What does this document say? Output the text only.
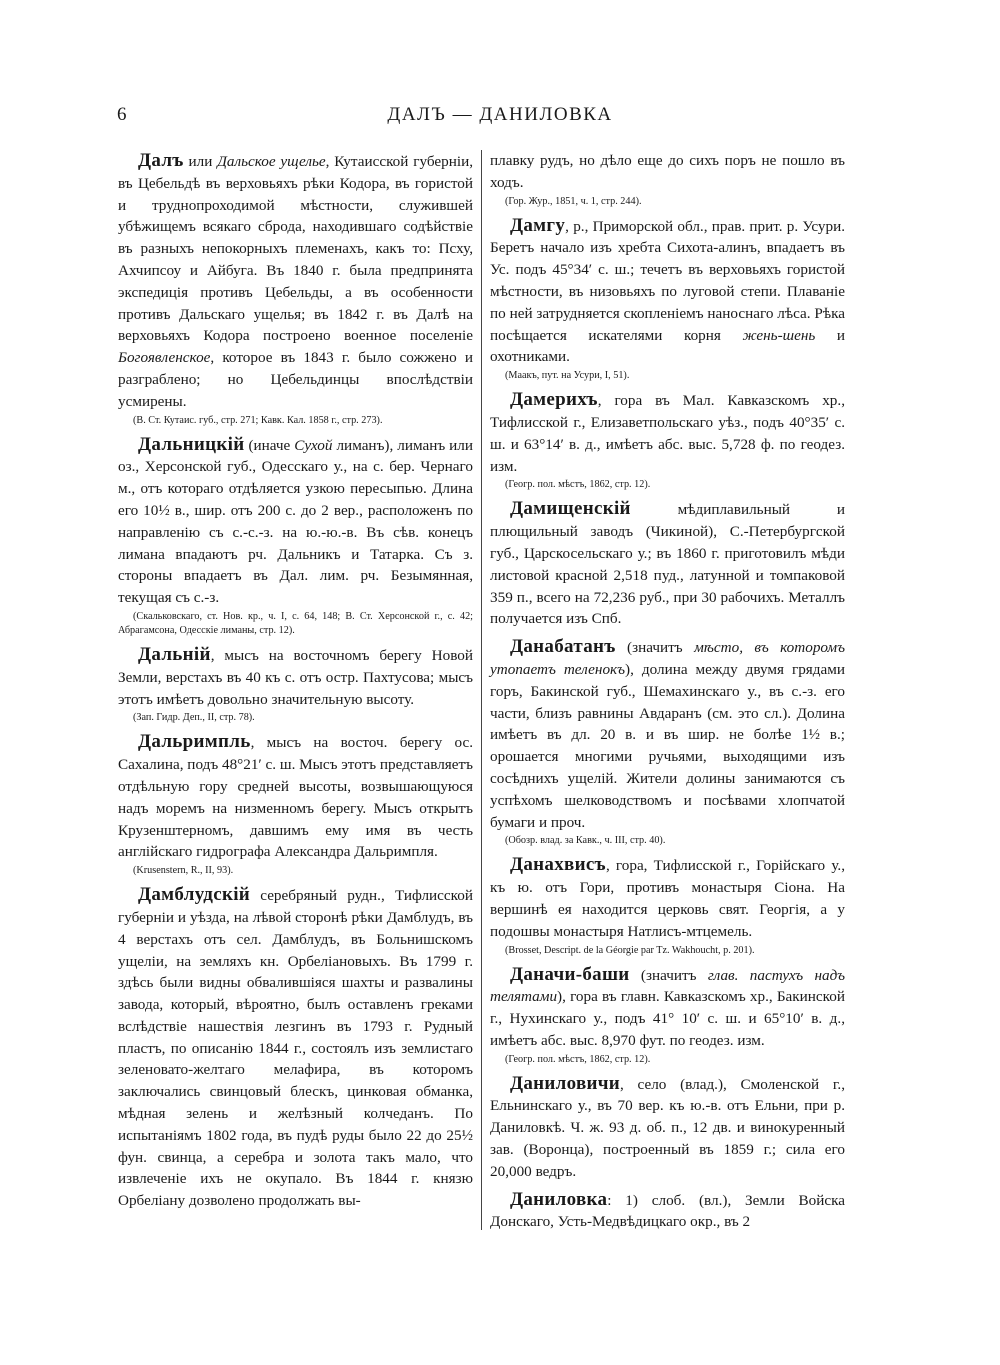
6	ДАЛЪ — ДАНИЛОВКА

Далъ или Дальское ущелье, Кутаисской губерніи, въ Цебельдѣ въ верховьяхъ рѣки Кодора, въ гористой и труднопроходимой мѣстности, служившей убѣжищемъ всякаго сброда, находившаго содѣйствіе въ разныхъ непокорныхъ племенахъ, какъ то: Псху, Ахчипсоу и Айбуга. Въ 1840 г. была предпринята экспедиція противъ Цебельды, а въ особенности противъ Дальскаго ущелья; въ 1842 г. въ Далѣ на верховьяхъ Кодора построено военное поселеніе Богоявленское, которое въ 1843 г. было сожжено и разграблено; но Цебельдинцы впослѣдствіи усмирены.
(В. Ст. Кутаис. губ., стр. 271; Кавк. Кал. 1858 г., стр. 273).

Дальницкій (иначе Сухой лиманъ), лиманъ или оз., Херсонской губ., Одесскаго у., на с. бер. Чернаго м., отъ котораго отдѣляется узкою пересыпью. Длина его 10½ в., шир. отъ 200 с. до 2 вер., расположенъ по направленію съ с.-с.-з. на ю.-ю.-в. Въ сѣв. конецъ лимана впадаютъ рч. Дальникъ и Татарка. Съ з. стороны впадаетъ въ Дал. лим. рч. Безымянная, текущая съ с.-з.
(Скальковскаго, ст. Нов. кр., ч. І, с. 64, 148; В. Ст. Херсонской г., с. 42; Абрагамсона, Одесскіе лиманы, стр. 12).

Дальній, мысъ на восточномъ берегу Новой Земли, верстахъ въ 40 къ с. отъ остр. Пахтусова; мысъ этотъ имѣетъ довольно значительную высоту.
(Зап. Гидр. Деп., ІІ, стр. 78).

Дальримпль, мысъ на восточ. берегу ос. Сахалина, подъ 48°21′ с. ш. Мысъ этотъ представляетъ отдѣльную гору средней высоты, возвышающуюся надъ моремъ на низменномъ берегу. Мысъ открытъ Крузенштерномъ, давшимъ ему имя въ честь англійскаго гидрографа Александра Дальримпля.
(Krusenstern, R., II, 93).

Дамблудскій серебряный рудн., Тифлисской губерніи и уѣзда, на лѣвой сторонѣ рѣки Дамблудъ, въ 4 верстахъ отъ сел. Дамблудъ, въ Больнишскомъ ущеліи, на земляхъ кн. Орбеліановыхъ. Въ 1799 г. здѣсь были видны обвалившіяся шахты и развалины завода, который, вѣроятно, былъ оставленъ греками вслѣдствіе нашествія лезгинъ въ 1793 г. Рудный пластъ, по описанію 1844 г., состоялъ изъ землистаго зеленовато-желтаго мелафира, въ которомъ заключались свинцовый блескъ, цинковая обманка, мѣдная зелень и желѣзный колчеданъ. По испытаніямъ 1802 года, въ пудѣ руды было 22 до 25½ фун. свинца, а серебра и золота такъ мало, что извлеченіе ихъ не окупало. Въ 1844 г. князю Орбеліану дозволено продолжать вы-

плавку рудъ, но дѣло еще до сихъ поръ не пошло въ ходъ.
(Гор. Жур., 1851, ч. 1, стр. 244).

Дамгу, р., Приморской обл., прав. прит. р. Усури. Беретъ начало изъ хребта Сихота-алинъ, впадаетъ въ Ус. подъ 45°34′ с. ш.; течетъ въ верховьяхъ гористой мѣстности, въ низовьяхъ по луговой степи. Плаваніе по ней затрудняется скопленіемъ наноснаго лѣса. Рѣка посѣщается искателями корня жень-шень и охотниками.
(Маакъ, пут. на Усури, I, 51).

Дамерихъ, гора въ Мал. Кавказскомъ хр., Тифлисской г., Елизаветпольскаго уѣз., подъ 40°35′ с. ш. и 63°14′ в. д., имѣетъ абс. выс. 5,728 ф. по геодез. изм.
(Геогр. пол. мѣстъ, 1862, стр. 12).

Дамищенскій мѣдиплавильный и плющильный заводъ (Чикиной), С.-Петербургской губ., Царскосельскаго у.; въ 1860 г. приготовилъ мѣди листовой красной 2,518 пуд., латунной и томпаковой 359 п., всего на 72,236 руб., при 30 рабочихъ. Металлъ получается изъ Спб.

Данабатанъ (значитъ мѣсто, въ которомъ утопаетъ теленокъ), долина между двумя грядами горъ, Бакинской губ., Шемахинскаго у., въ с.-з. его части, близъ равнины Авдаранъ (см. это сл.). Долина имѣетъ въ дл. 20 в. и въ шир. не болѣе 1½ в.; орошается многими ручьями, выходящими изъ сосѣднихъ ущелій. Жители долины занимаются съ успѣхомъ шелководствомъ и посѣвами хлопчатой бумаги и проч.
(Обозр. влад. за Кавк., ч. III, стр. 40).

Данахвисъ, гора, Тифлисской г., Горійскаго у., къ ю. отъ Гори, противъ монастыря Сіона. На вершинѣ ея находится церковь свят. Георгія, а у подошвы монастыря Натлисъ-мтцемель.
(Brosset, Descript. de la Géorgie par Tz. Wakhoucht, p. 201).

Даначи-баши (значитъ глав. пастухъ надъ телятами), гора въ главн. Кавказскомъ хр., Бакинской г., Нухинскаго у., подъ 41° 10′ с. ш. и 65°10′ в. д., имѣетъ абс. выс. 8,970 фут. по геодез. изм.
(Геогр. пол. мѣстъ, 1862, стр. 12).

Даниловичи, село (влад.), Смоленской г., Ельнинскаго у., въ 70 вер. къ ю.-в. отъ Ельни, при р. Даниловкѣ. Ч. ж. 93 д. об. п., 12 дв. и винокуренный зав. (Воронца), построенный въ 1859 г.; сила его 20,000 ведръ.

Даниловка: 1) слоб. (вл.), Земли Войска Донскаго, Усть-Медвѣдицкаго окр., въ 2
